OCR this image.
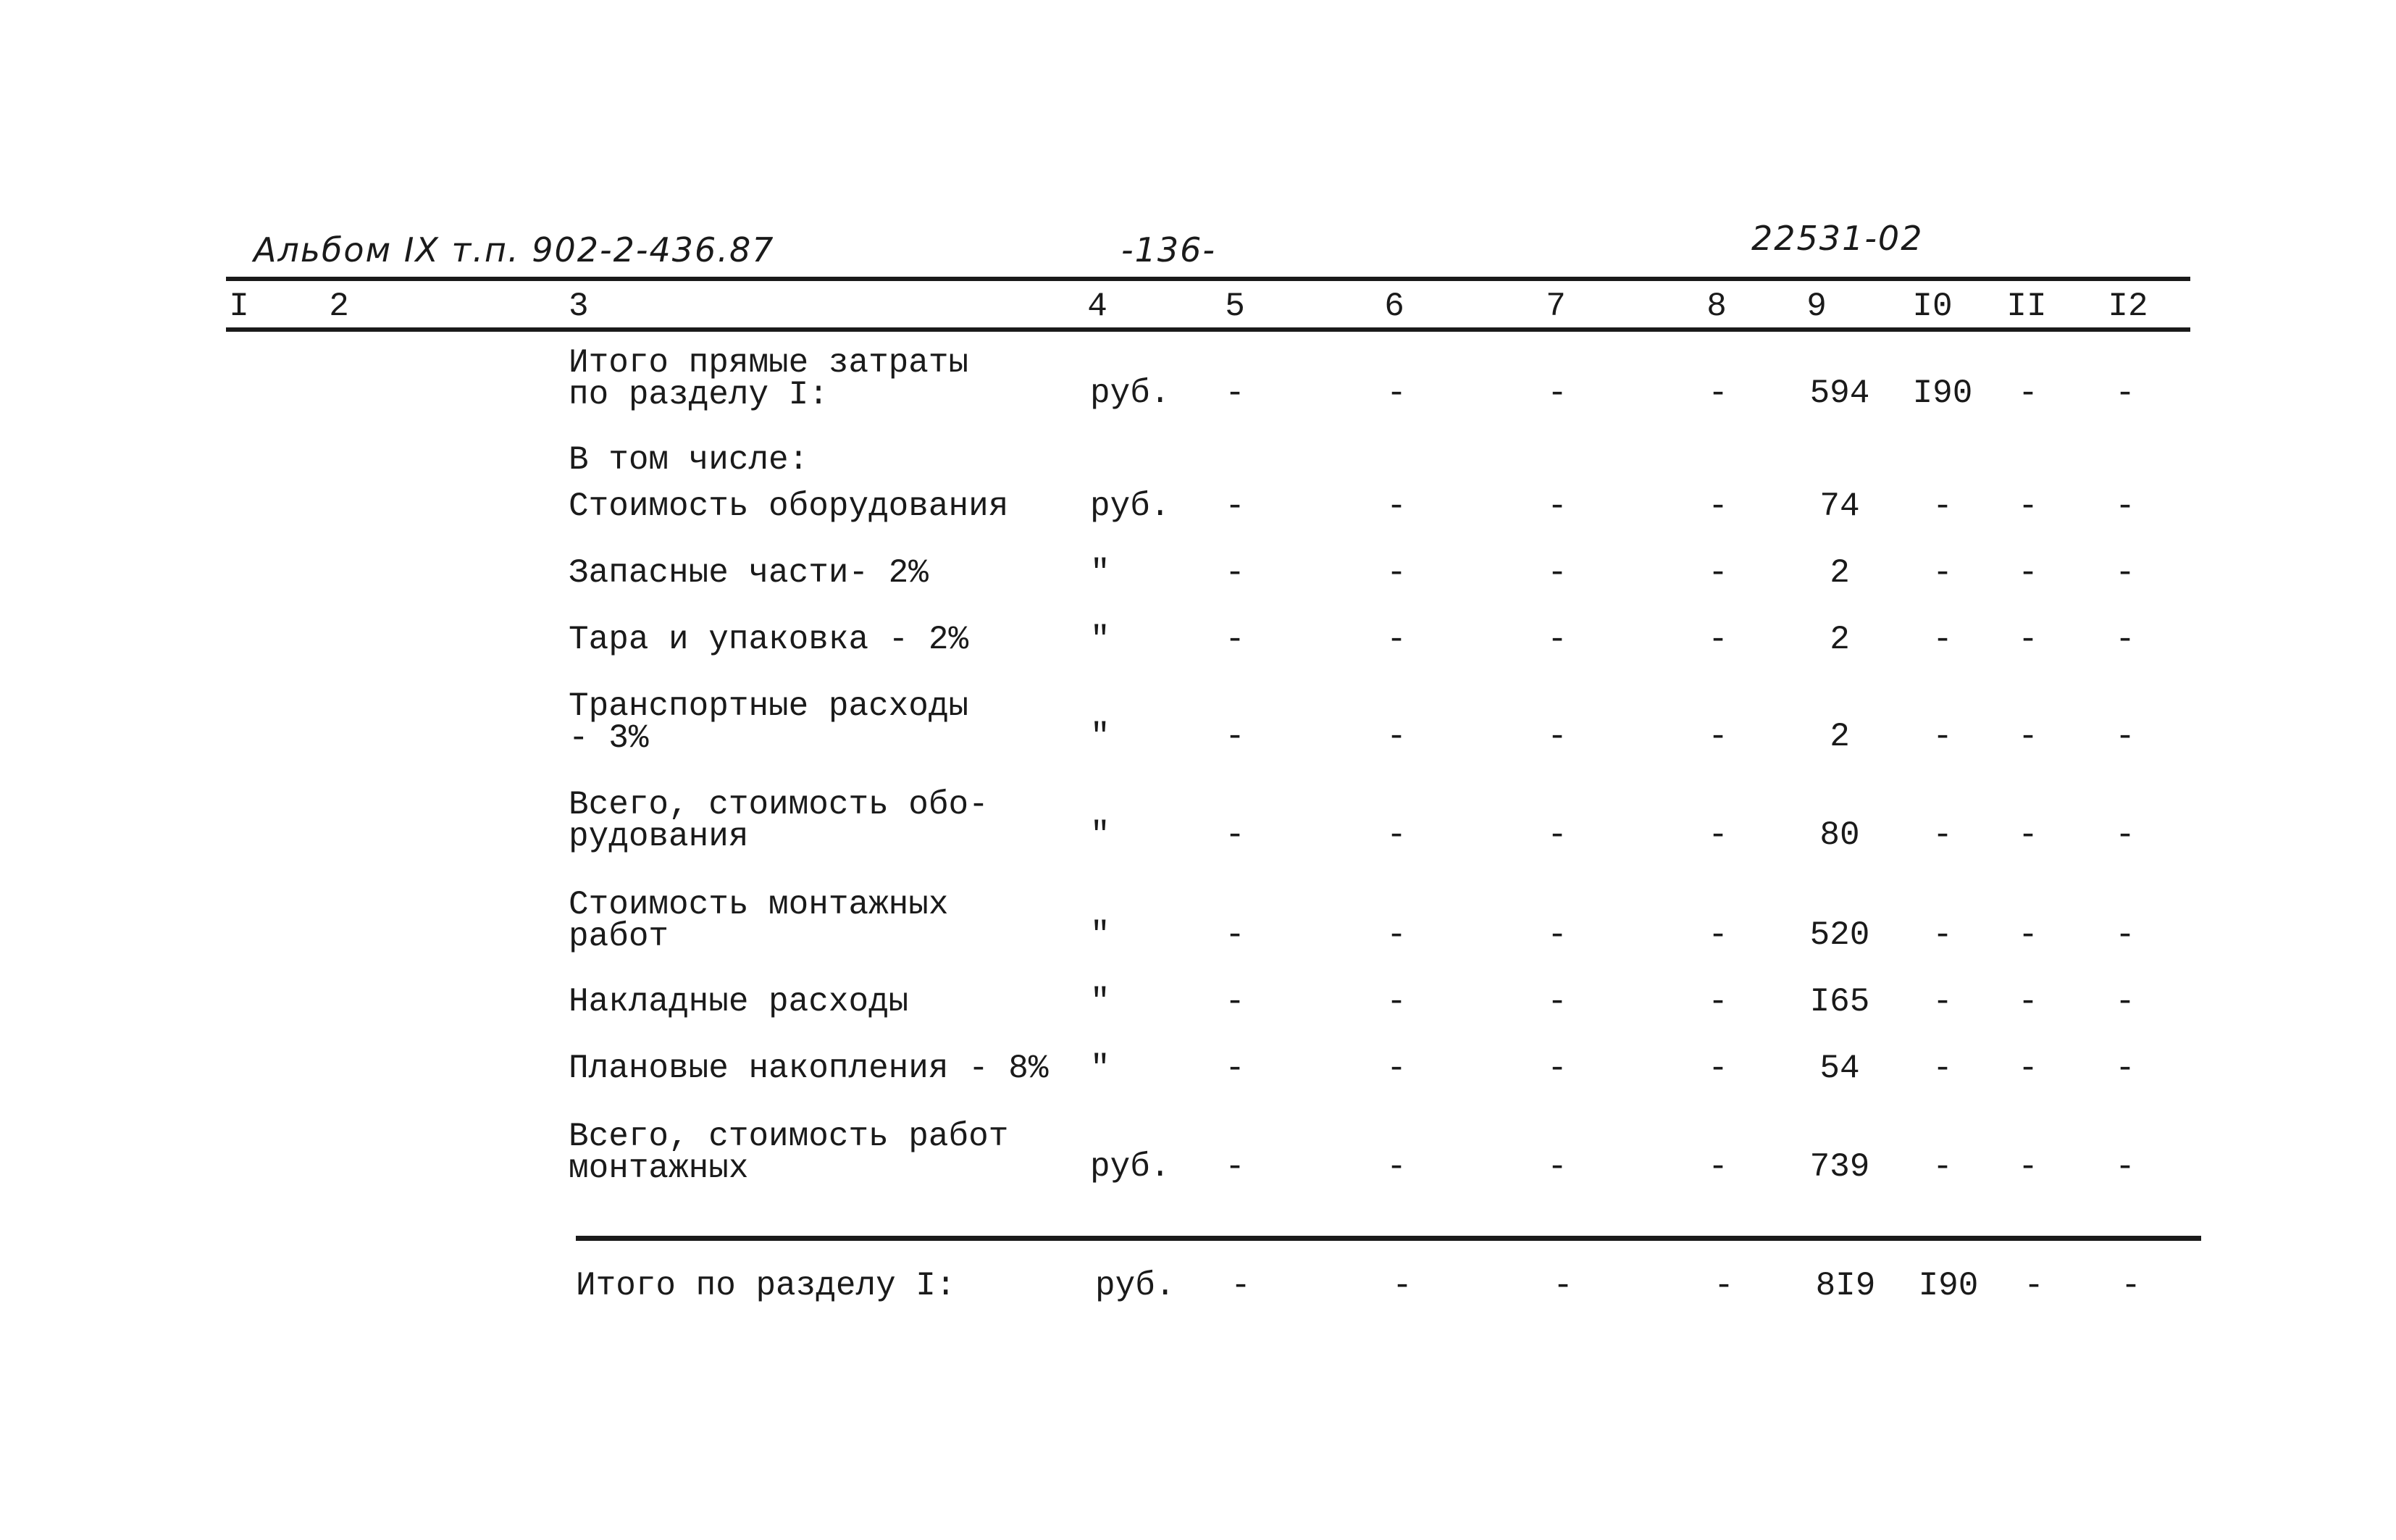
Альбом IX т.п. 902-2-436.87	-136-	22531-02
I	2	3	4	5	6	7	8	9	I0 II I2
Итого прямые затраты
по разделу I:	руб.	-	-	-	-	594	I90	-	-
В том числе:
Стоимость оборудования руб.	-	-	-	-	74	-	-	-
Запасные части- 2%	"	-	-	-	-	2	-	-	-
Тара и упаковка - 2%	"	-	-	-	-	2	-	-	-
Транспортные расходы
- 3%	"	-	-	-	-	2	-	-	-
Всего, стоимость обо-
рудования	"	-	-	-	-	80	-	-	-
Стоимость монтажных
работ	"	-	-	-	-	520	-	-	-
Накладные расходы	"	-	-	-	-	I65	-	-	-
Плановые накопления - 8% "	-	-	-	-	54	-	-	-
Всего, стоимость работ
монтажных	руб.	-	-	-	-	739	-	-	-
Итого по разделу I:	руб.	-	-	-	-	8I9	I90	-	-
